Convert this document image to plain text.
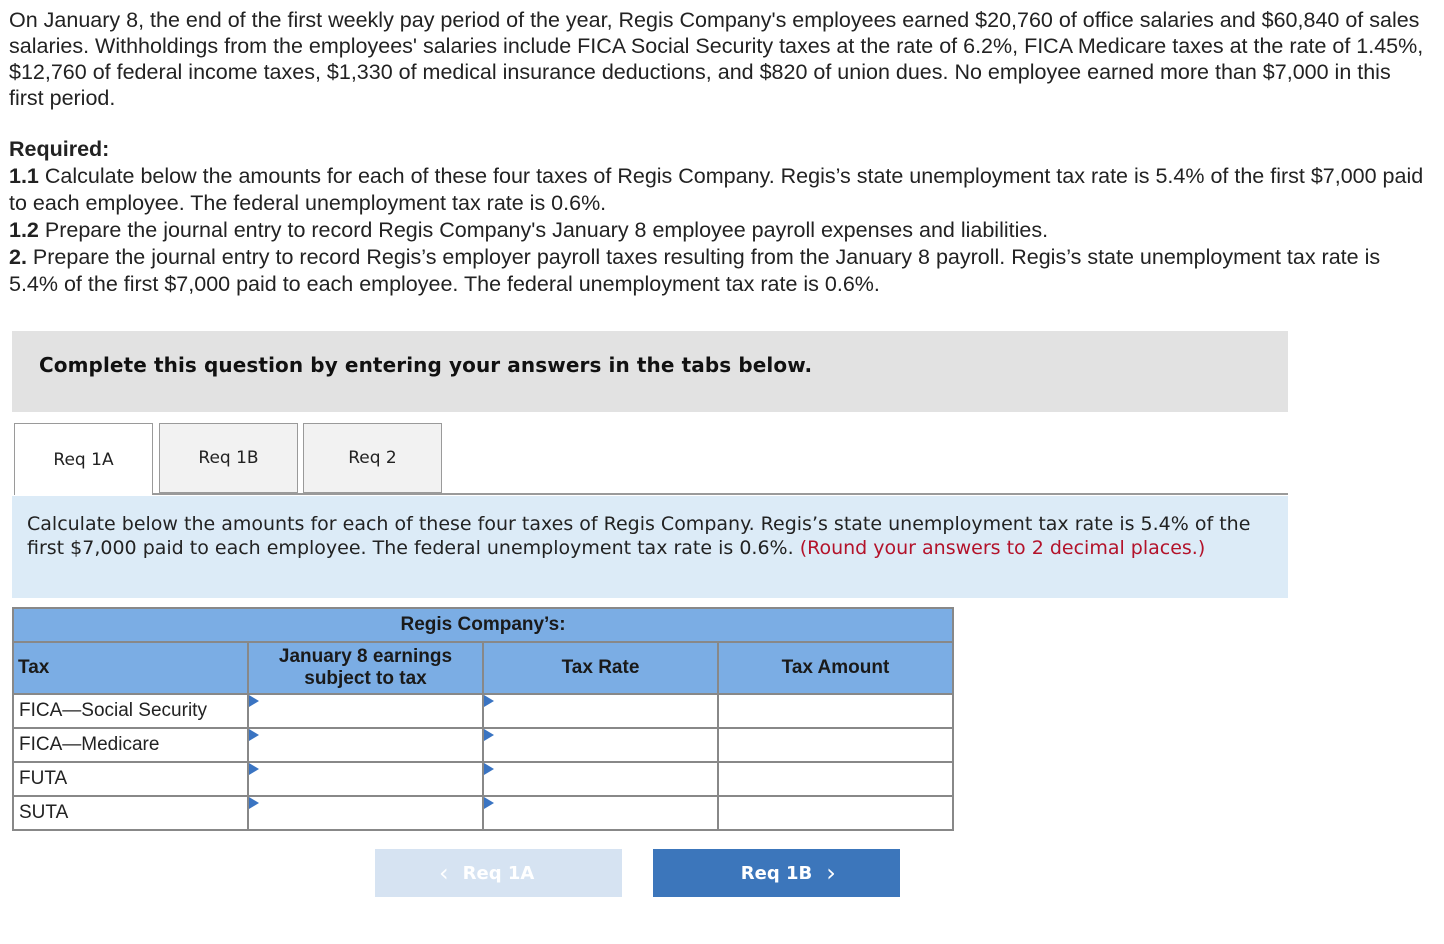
On January 8, the end of the first weekly pay period of the year, Regis Company's employees earned $20,760 of office salaries and $60,840 of sales salaries. Withholdings from the employees' salaries include FICA Social Security taxes at the rate of 6.2%, FICA Medicare taxes at the rate of 1.45%, $12,760 of federal income taxes, $1,330 of medical insurance deductions, and $820 of union dues. No employee earned more than $7,000 in this first period.

Required:
1.1 Calculate below the amounts for each of these four taxes of Regis Company. Regis’s state unemployment tax rate is 5.4% of the first $7,000 paid to each employee. The federal unemployment tax rate is 0.6%.
1.2 Prepare the journal entry to record Regis Company's January 8 employee payroll expenses and liabilities.
2. Prepare the journal entry to record Regis’s employer payroll taxes resulting from the January 8 payroll. Regis’s state unemployment tax rate is 5.4% of the first $7,000 paid to each employee. The federal unemployment tax rate is 0.6%.
Complete this question by entering your answers in the tabs below.
Req 1A	Req 1B	Req 2

Calculate below the amounts for each of these four taxes of Regis Company. Regis’s state unemployment tax rate is 5.4% of the first $7,000 paid to each employee. The federal unemployment tax rate is 0.6%. (Round your answers to 2 decimal places.)

Regis Company’s:			
Tax	January 8 earnings subject to tax	Tax Rate	Tax Amount
FICA—Social Security	

FICA—Medicare	

FUTA	

SUTA	

‹ Req 1A	Req 1B ›
